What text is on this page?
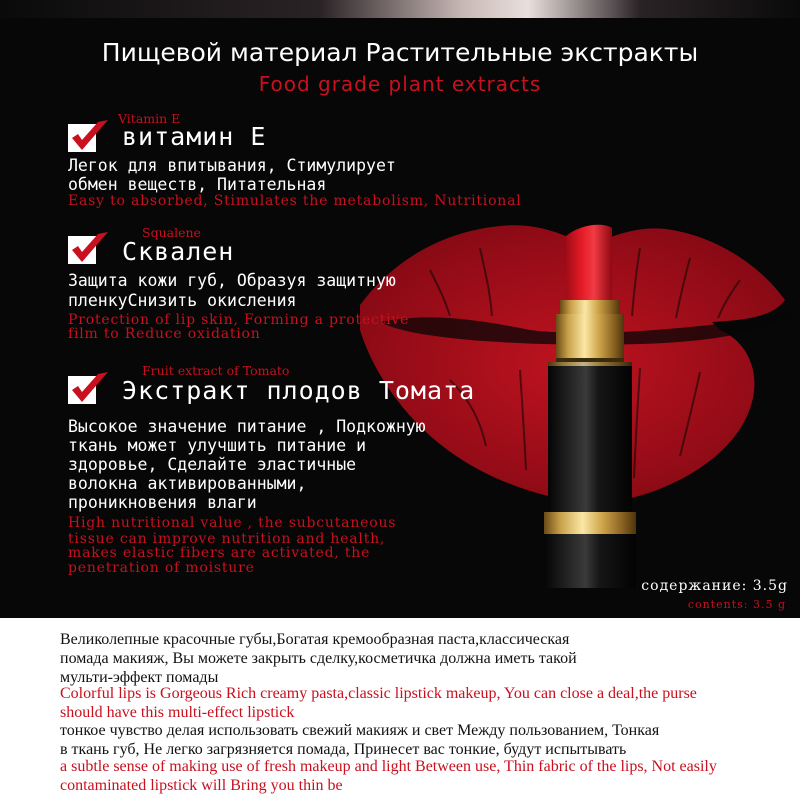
Пищевой материал Растительные экстракты
Food grade plant extracts
Vitamin E
витамин Е
Легок для впитывания, Стимулирует
обмен веществ, Питательная
Easy to absorbed, Stimulates the metabolism, Nutritional
Squalene
Сквален
Защита кожи губ, Образуя защитную
пленкуСнизить окисления
Protection of lip skin, Forming a protective
film to Reduce oxidation
Fruit extract of Tomato
Экстракт плодов Томата
Высокое значение питание , Подкожную
ткань может улучшить питание и
здоровье, Сделайте эластичные
волокна активированными,
проникновения влаги
High nutritional value , the subcutaneous
tissue can improve nutrition and health,
makes elastic fibers are activated, the
penetration of moisture
содержание: 3.5g
contents: 3.5 g
Великолепные красочные губы,Богатая кремообразная паста,классическая
помада макияж, Вы можете закрыть сделку,косметичка должна иметь такой
мульти-эффект помады
Colorful lips is Gorgeous Rich creamy pasta,classic lipstick makeup, You can close a deal,the purse
should have this multi-effect lipstick
тонкое чувство делая использовать свежий макияж и свет Между пользованием, Тонкая
в ткань губ, Не легко загрязняется помада, Принесет вас тонкие, будут испытывать
a subtle sense of making use of fresh makeup and light Between use, Thin fabric of the lips, Not easily
contaminated lipstick will Bring you thin be
